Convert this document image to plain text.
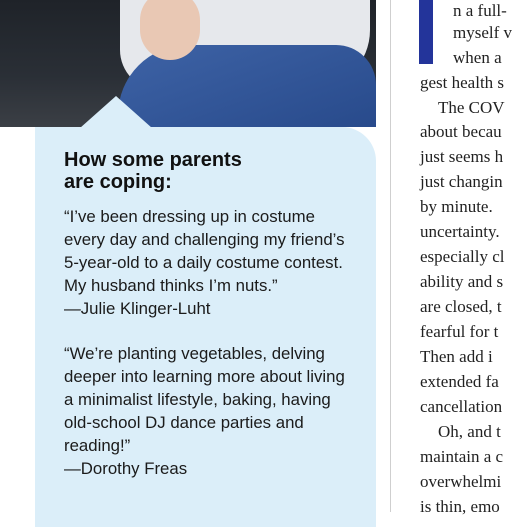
How some parents
are coping:

“I’ve been dressing up in costume every day and challenging my friend’s 5-year-old to a daily costume contest. My husband thinks I’m nuts.”

—Julie Klinger-Luht

“We’re planting vegetables, delving deeper into learning more about living a minimalist lifestyle, baking, having old-school DJ dance parties and reading!”

—Dorothy Freas

n a full-
myself v
when a
gest health s
The COV
about becau
just seems h
just changin
by minute.
uncertainty.
especially cl
ability and s
are closed, t
fearful for t
Then add i
extended fa
cancellation
Oh, and t
maintain a c
overwhelmi
is thin, emo
